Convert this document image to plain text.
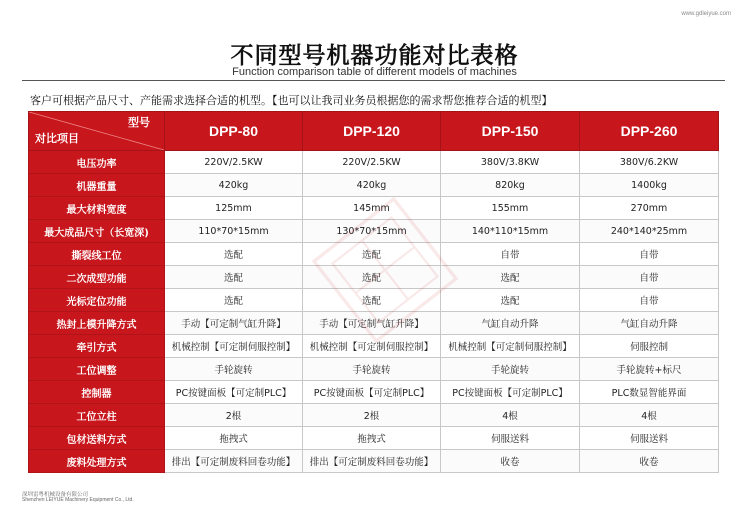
www.gdleiyue.com
不同型号机器功能对比表格
Function comparison table of different models of machines
客户可根据产品尺寸、产能需求选择合适的机型。【也可以让我司业务员根据您的需求帮您推荐合适的机型】
型号
对比项目	DPP-80	DPP-120	DPP-150	DPP-260
电压功率	220V/2.5KW	220V/2.5KW	380V/3.8KW	380V/6.2KW
机器重量	420kg	420kg	820kg	1400kg
最大材料宽度	125mm	145mm	155mm	270mm
最大成品尺寸（长宽深)	110*70*15mm	130*70*15mm	140*110*15mm	240*140*25mm
撕裂线工位	选配	选配	自带	自带
二次成型功能	选配	选配	选配	自带
光标定位功能	选配	选配	选配	自带
热封上模升降方式	手动【可定制气缸升降】	手动【可定制气缸升降】	气缸自动升降	气缸自动升降
牵引方式	机械控制【可定制伺服控制】	机械控制【可定制伺服控制】	机械控制【可定制伺服控制】	伺服控制
工位调整	手轮旋转	手轮旋转	手轮旋转	手轮旋转+标尺
控制器	PC按键面板【可定制PLC】	PC按键面板【可定制PLC】	PC按键面板【可定制PLC】	PLC数显智能界面
工位立柱	2根	2根	4根	4根
包材送料方式	拖拽式	拖拽式	伺服送料	伺服送料
废料处理方式	排出【可定制废料回卷功能】	排出【可定制废料回卷功能】	收卷	收卷
深圳雷粤机械设备有限公司
Shenzhen LEIYUE Machinery Equipment Co., Ltd.
